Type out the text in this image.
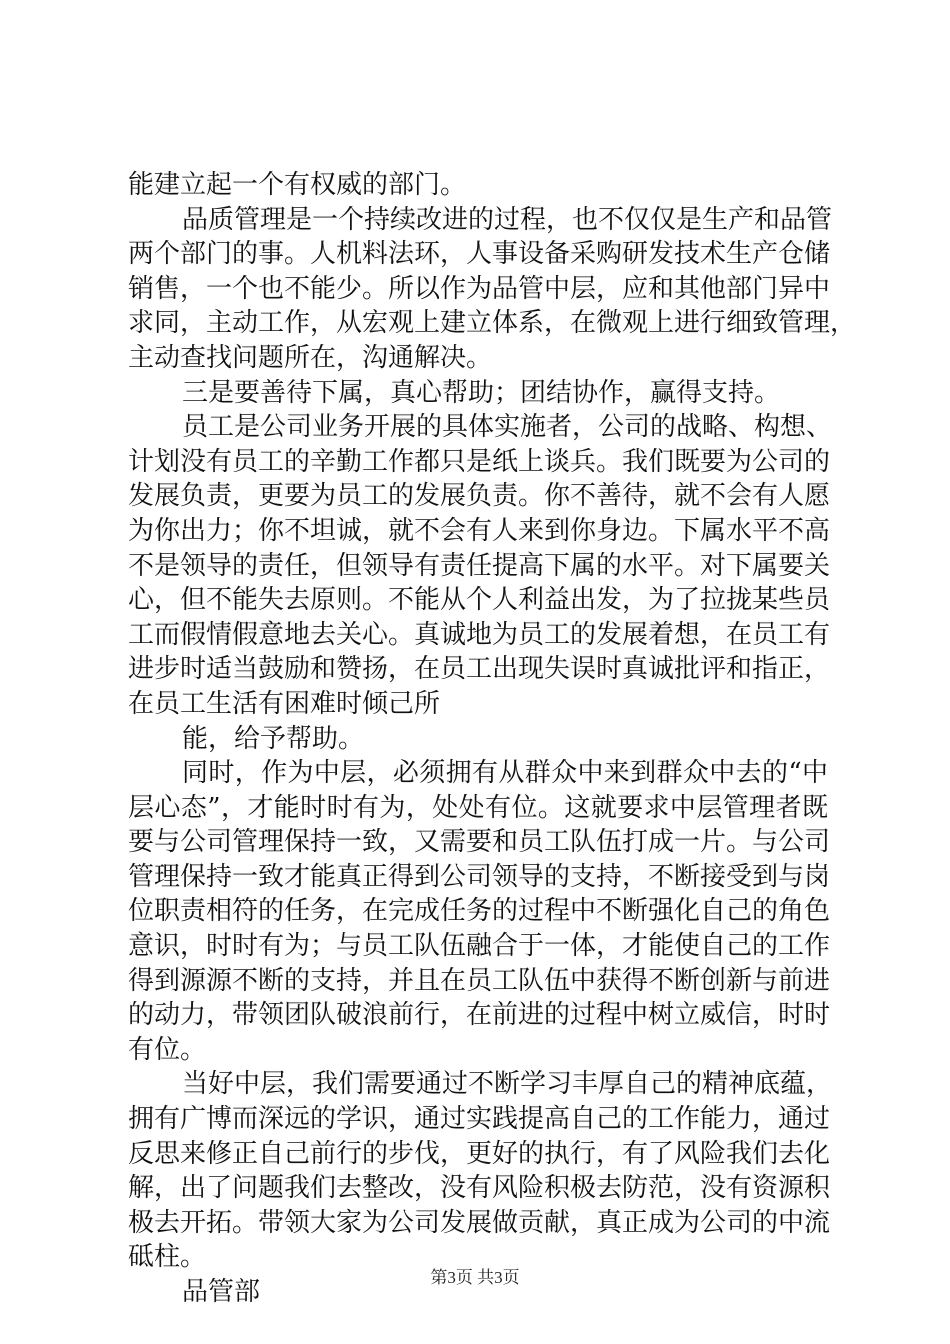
能建立起一个有权威的部门。
品质管理是一个持续改进的过程，也不仅仅是生产和品管
两个部门的事。人机料法环，人事设备采购研发技术生产仓储
销售，一个也不能少。所以作为品管中层，应和其他部门异中
求同，主动工作，从宏观上建立体系，在微观上进行细致管理，
主动查找问题所在，沟通解决。
三是要善待下属，真心帮助；团结协作，赢得支持。
员工是公司业务开展的具体实施者，公司的战略、构想、
计划没有员工的辛勤工作都只是纸上谈兵。我们既要为公司的
发展负责，更要为员工的发展负责。你不善待，就不会有人愿
为你出力；你不坦诚，就不会有人来到你身边。下属水平不高
不是领导的责任，但领导有责任提高下属的水平。对下属要关
心，但不能失去原则。不能从个人利益出发，为了拉拢某些员
工而假情假意地去关心。真诚地为员工的发展着想，在员工有
进步时适当鼓励和赞扬，在员工出现失误时真诚批评和指正，
在员工生活有困难时倾己所
能，给予帮助。
同时，作为中层，必须拥有从群众中来到群众中去的“中
层心态”，才能时时有为，处处有位。这就要求中层管理者既
要与公司管理保持一致，又需要和员工队伍打成一片。与公司
管理保持一致才能真正得到公司领导的支持，不断接受到与岗
位职责相符的任务，在完成任务的过程中不断强化自己的角色
意识，时时有为；与员工队伍融合于一体，才能使自己的工作
得到源源不断的支持，并且在员工队伍中获得不断创新与前进
的动力，带领团队破浪前行，在前进的过程中树立威信，时时
有位。
当好中层，我们需要通过不断学习丰厚自己的精神底蕴，
拥有广博而深远的学识，通过实践提高自己的工作能力，通过
反思来修正自己前行的步伐，更好的执行，有了风险我们去化
解，出了问题我们去整改，没有风险积极去防范，没有资源积
极去开拓。带领大家为公司发展做贡献，真正成为公司的中流
砥柱。
品管部	第3页 共3页
